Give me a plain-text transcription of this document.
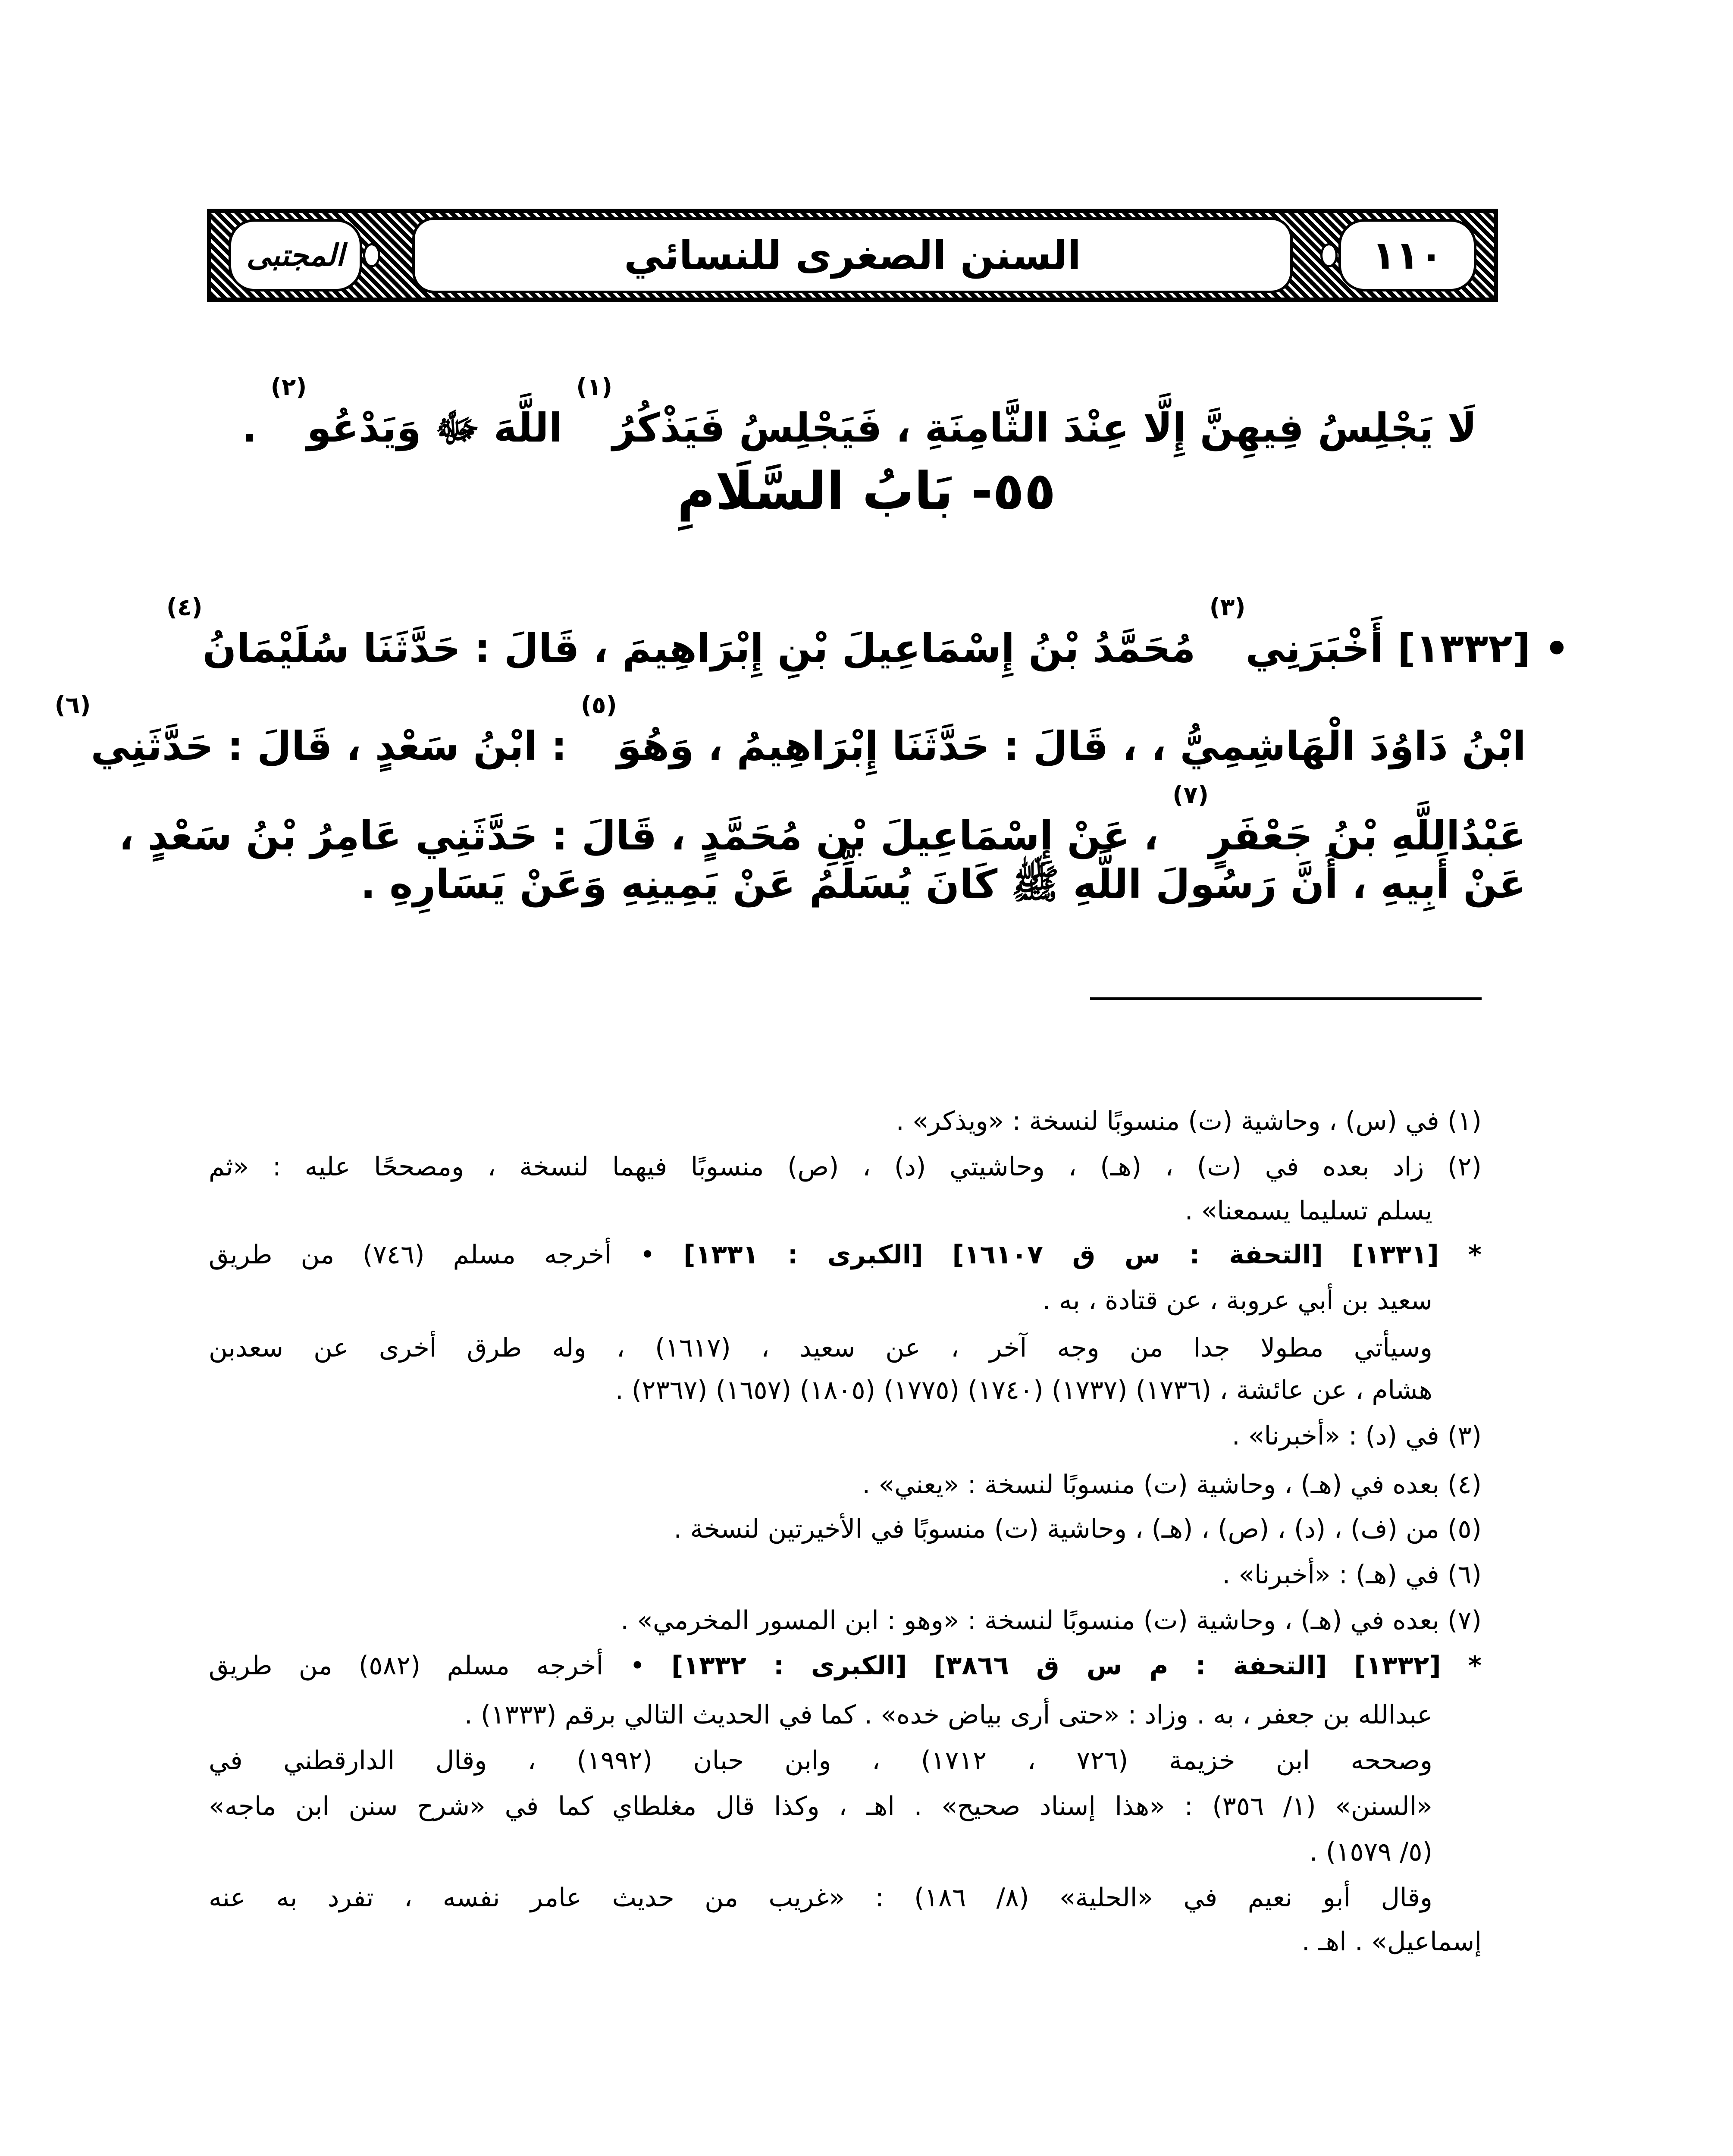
المجتبى	السنن الصغرى للنسائي	١١٠
لَا يَجْلِسُ فِيهِنَّ إِلَّا عِنْدَ الثَّامِنَةِ ، فَيَجْلِسُ فَيَذْكُرُ$^{(١)}$ اللَّهَ ﷻ وَيَدْعُو$^{(٢)}$ .
٥٥- بَابُ السَّلَامِ
• [١٣٣٢] أَخْبَرَنِي$^{(٣)}$ مُحَمَّدُ بْنُ إِسْمَاعِيلَ بْنِ إِبْرَاهِيمَ ، قَالَ : حَدَّثَنَا سُلَيْمَانُ$^{(٤)}$
ابْنُ دَاوُدَ الْهَاشِمِيُّ ، ، قَالَ : حَدَّثَنَا إِبْرَاهِيمُ ، وَهُوَ$^{(٥)}$ : ابْنُ سَعْدٍ ، قَالَ : حَدَّثَنِي$^{(٦)}$
عَبْدُاللَّهِ بْنُ جَعْفَرٍ$^{(٧)}$ ، عَنْ إِسْمَاعِيلَ بْنِ مُحَمَّدٍ ، قَالَ : حَدَّثَنِي عَامِرُ بْنُ سَعْدٍ ،
عَنْ أَبِيهِ ، أَنَّ رَسُولَ اللَّهِ ﷺ كَانَ يُسَلِّمُ عَنْ يَمِينِهِ وَعَنْ يَسَارِهِ .
(١) في (س) ، وحاشية (ت) منسوبًا لنسخة : «ويذكر» .
(٢) زاد بعده في (ت) ، (هـ) ، وحاشيتي (د) ، (ص) منسوبًا فيهما لنسخة ، ومصححًا عليه : «ثم
يسلم تسليما يسمعنا» .
* [١٣٣١] [التحفة : س ق ١٦١٠٧] [الكبرى : ١٣٣١] • أخرجه مسلم (٧٤٦) من طريق
سعيد بن أبي عروبة ، عن قتادة ، به .
وسيأتي مطولا جدا من وجه آخر ، عن سعيد ، (١٦١٧) ، وله طرق أخرى عن سعدبن
هشام ، عن عائشة ، (١٧٣٦) (١٧٣٧) (١٧٤٠) (١٧٧٥) (١٨٠٥) (١٦٥٧) (٢٣٦٧) .
(٣) في (د) : «أخبرنا» .
(٤) بعده في (هـ) ، وحاشية (ت) منسوبًا لنسخة : «يعني» .
(٥) من (ف) ، (د) ، (ص) ، (هـ) ، وحاشية (ت) منسوبًا في الأخيرتين لنسخة .
(٦) في (هـ) : «أخبرنا» .
(٧) بعده في (هـ) ، وحاشية (ت) منسوبًا لنسخة : «وهو : ابن المسور المخرمي» .
* [١٣٣٢] [التحفة : م س ق ٣٨٦٦] [الكبرى : ١٣٣٢] • أخرجه مسلم (٥٨٢) من طريق
عبدالله بن جعفر ، به . وزاد : «حتى أرى بياض خده» . كما في الحديث التالي برقم (١٣٣٣) .
وصححه ابن خزيمة (٧٢٦ ، ١٧١٢) ، وابن حبان (١٩٩٢) ، وقال الدارقطني في
«السنن» (١/ ٣٥٦) : «هذا إسناد صحيح» . اهـ ، وكذا قال مغلطاي كما في «شرح سنن ابن ماجه»
(٥/ ١٥٧٩) .
وقال أبو نعيم في «الحلية» (٨/ ١٨٦) : «غريب من حديث عامر نفسه ، تفرد به عنه
إسماعيل» . اهـ .
